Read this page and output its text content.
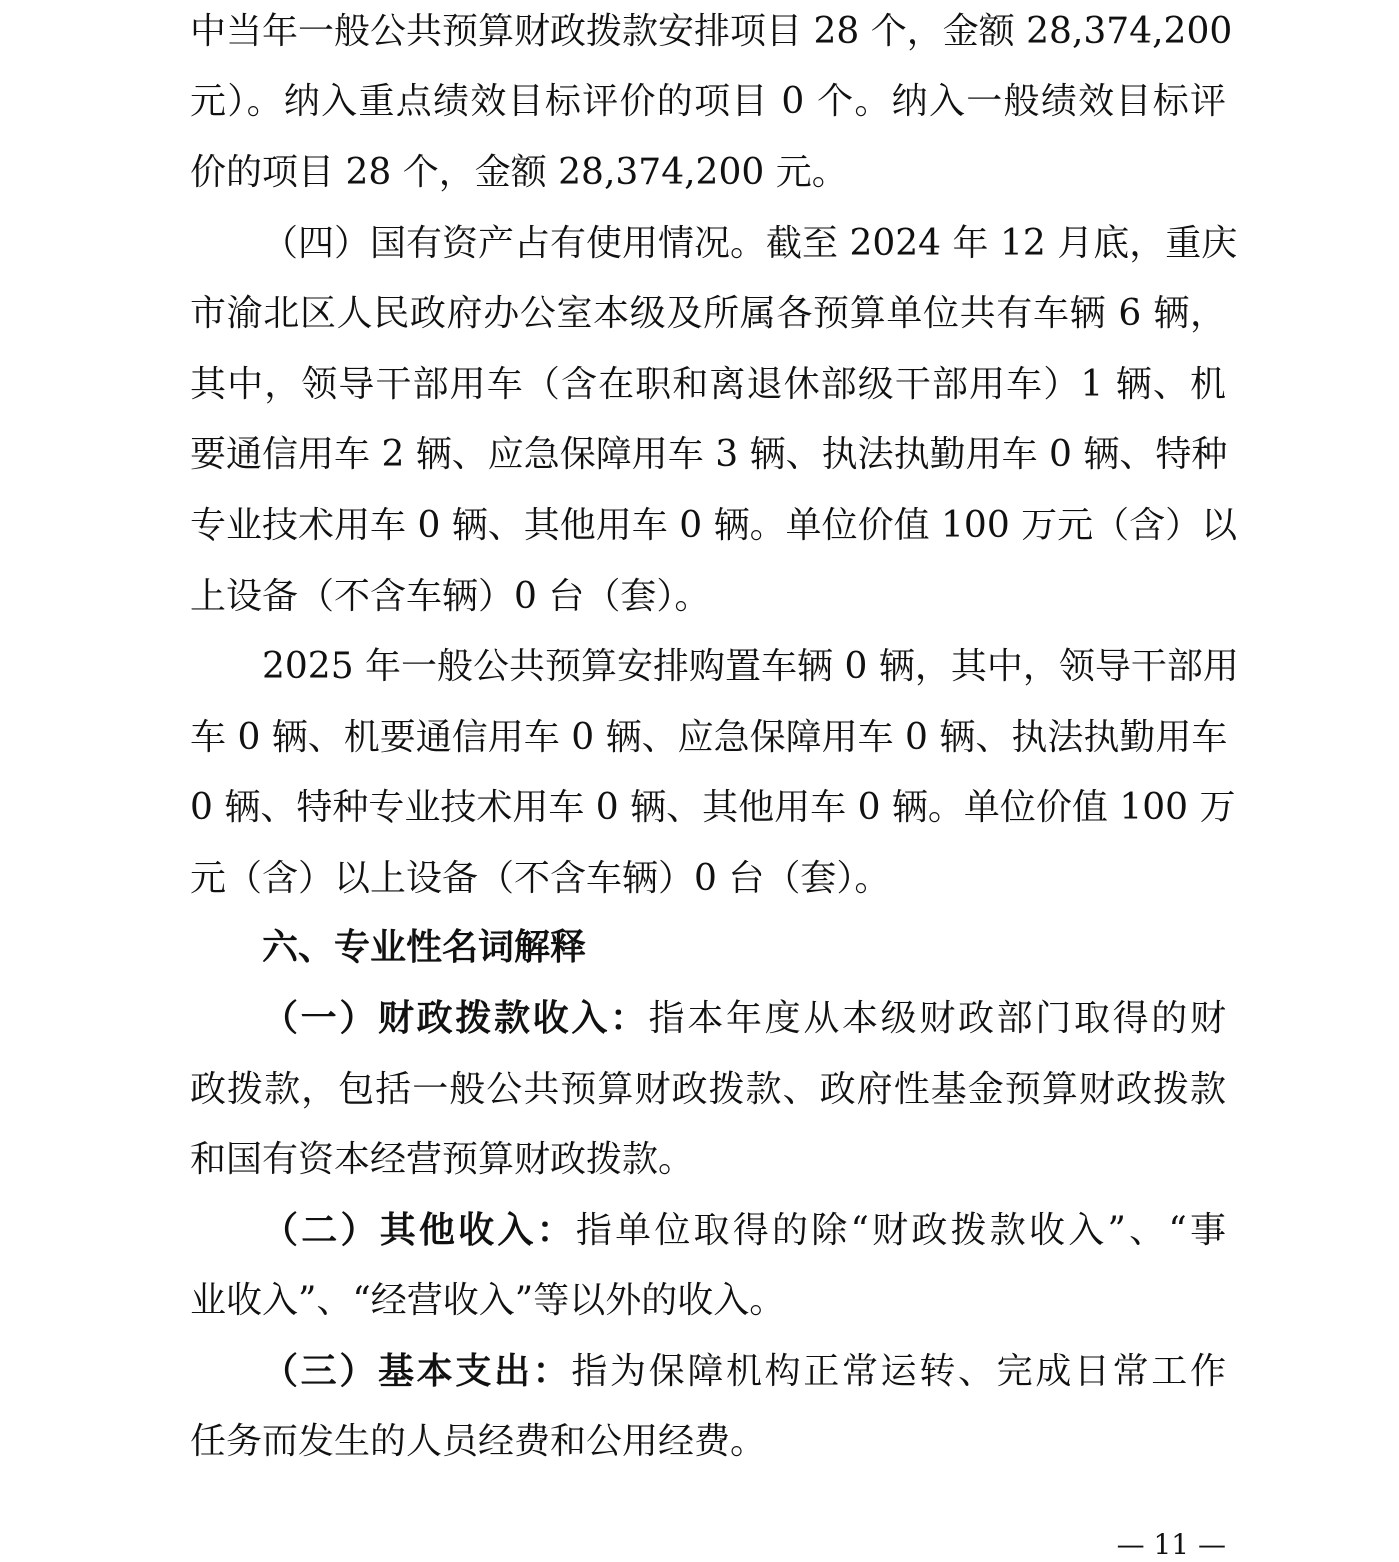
中当年一般公共预算财政拨款安排项目 28 个，金额 28,374,200
元）。纳入重点绩效目标评价的项目 0 个。纳入一般绩效目标评
价的项目 28 个，金额 28,374,200 元。
（四）国有资产占有使用情况。截至 2024 年 12 月底，重庆
市渝北区人民政府办公室本级及所属各预算单位共有车辆 6 辆，
其中，领导干部用车（含在职和离退休部级干部用车）1 辆、机
要通信用车 2 辆、应急保障用车 3 辆、执法执勤用车 0 辆、特种
专业技术用车 0 辆、其他用车 0 辆。单位价值 100 万元（含）以
上设备（不含车辆）0 台（套）。
2025 年一般公共预算安排购置车辆 0 辆，其中，领导干部用
车 0 辆、机要通信用车 0 辆、应急保障用车 0 辆、执法执勤用车
0 辆、特种专业技术用车 0 辆、其他用车 0 辆。单位价值 100 万
元（含）以上设备（不含车辆）0 台（套）。
六、专业性名词解释
（一）财政拨款收入：指本年度从本级财政部门取得的财
政拨款，包括一般公共预算财政拨款、政府性基金预算财政拨款
和国有资本经营预算财政拨款。
（二）其他收入：指单位取得的除“财政拨款收入”、“事
业收入”、“经营收入”等以外的收入。
（三）基本支出：指为保障机构正常运转、完成日常工作
任务而发生的人员经费和公用经费。
— 11 —
